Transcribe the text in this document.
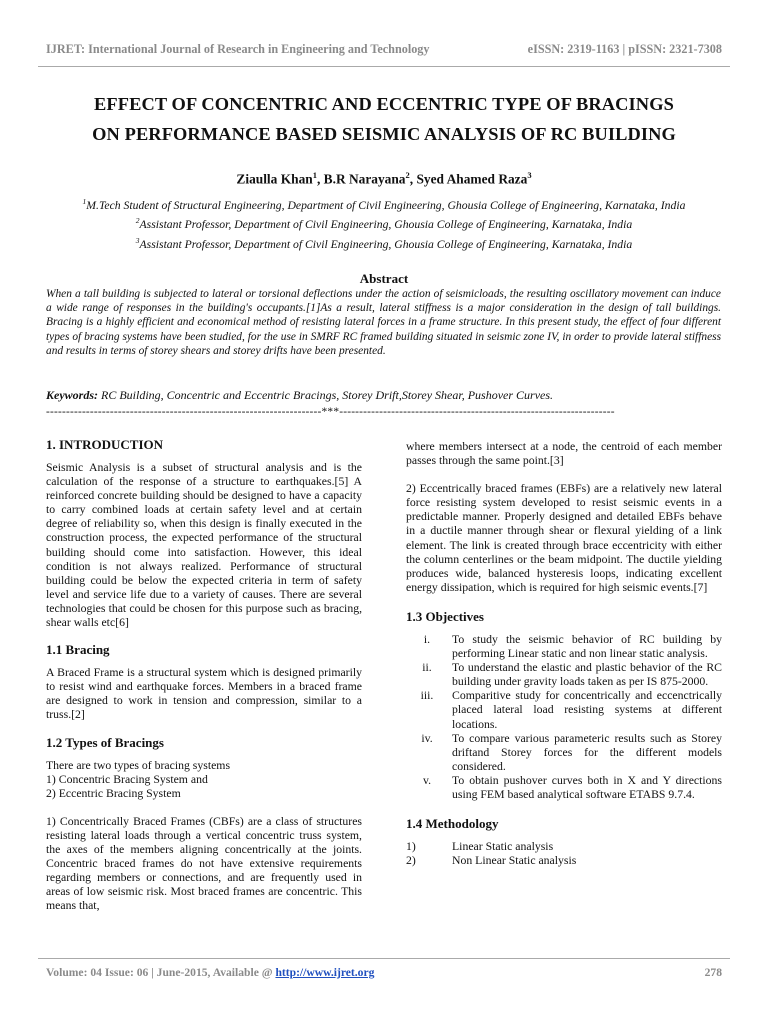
IJRET: International Journal of Research in Engineering and Technology	eISSN: 2319-1163 | pISSN: 2321-7308
EFFECT OF CONCENTRIC AND ECCENTRIC TYPE OF BRACINGS
ON PERFORMANCE BASED SEISMIC ANALYSIS OF RC BUILDING
Ziaulla Khan$^1$, B.R Narayana$^2$, Syed Ahamed Raza$^3$
$^1$M.Tech Student of Structural Engineering, Department of Civil Engineering, Ghousia College of Engineering, Karnataka, India
$^2$Assistant Professor, Department of Civil Engineering, Ghousia College of Engineering, Karnataka, India
$^3$Assistant Professor, Department of Civil Engineering, Ghousia College of Engineering, Karnataka, India
Abstract
When a tall building is subjected to lateral or torsional deflections under the action of seismicloads, the resulting oscillatory movement can induce a wide range of responses in the building's occupants.[1]As a result, lateral stiffness is a major consideration in the design of tall buildings. Bracing is a highly efficient and economical method of resisting lateral forces in a frame structure. In this present study, the effect of four different types of bracing systems have been studied, for the use in SMRF RC framed building situated in seismic zone IV, in order to provide lateral stiffness and results in terms of storey shears and storey drifts have been presented.
Keywords: RC Building, Concentric and Eccentric Bracings, Storey Drift,Storey Shear, Pushover Curves.
---------------------------------------------------------------------***---------------------------------------------------------------------
1. INTRODUCTION

Seismic Analysis is a subset of structural analysis and is the calculation of the response of a structure to earthquakes.[5] A reinforced concrete building should be designed to have a capacity to carry combined loads at certain safety level and at certain degree of reliability so, when this design is finally executed in the construction process, the expected performance of the structural building should come into satisfaction. However, this ideal condition is not always realized. Performance of structural building could be below the expected criteria in term of safety level and service life due to a variety of causes. There are several technologies that could be chosen for this purpose such as bracing, shear walls etc[6]

1.1 Bracing

A Braced Frame is a structural system which is designed primarily to resist wind and earthquake forces. Members in a braced frame are designed to work in tension and compression, similar to a truss.[2]

1.2 Types of Bracings

There are two types of bracing systems

1) Concentric Bracing System and

2) Eccentric Bracing System

1) Concentrically Braced Frames (CBFs) are a class of structures resisting lateral loads through a vertical concentric truss system, the axes of the members aligning concentrically at the joints. Concentric braced frames do not have extensive requirements regarding members or connections, and are frequently used in areas of low seismic risk. Most braced frames are concentric. This means that,

where members intersect at a node, the centroid of each member passes through the same point.[3]

2) Eccentrically braced frames (EBFs) are a relatively new lateral force resisting system developed to resist seismic events in a predictable manner. Properly designed and detailed EBFs behave in a ductile manner through shear or flexural yielding of a link element. The link is created through brace eccentricity with either the column centerlines or the beam midpoint. The ductile yielding produces wide, balanced hysteresis loops, indicating excellent energy dissipation, which is required for high seismic events.[7]

1.3 Objectives
i.	To study the seismic behavior of RC building by performing Linear static and non linear static analysis.
ii.	To understand the elastic and plastic behavior of the RC building under gravity loads taken as per IS 875-2000.
iii.	Comparitive study for concentrically and eccenctrically placed lateral load resisting systems at different locations.
iv.	To compare various parameteric results such as Storey driftand Storey forces for the different models considered.
v.	To obtain pushover curves both in X and Y directions using FEM based analytical software ETABS 9.7.4.
1.4 Methodology
1)	Linear Static analysis
2)	Non Linear Static analysis
Volume: 04 Issue: 06 | June-2015, Available @ http://www.ijret.org	278
